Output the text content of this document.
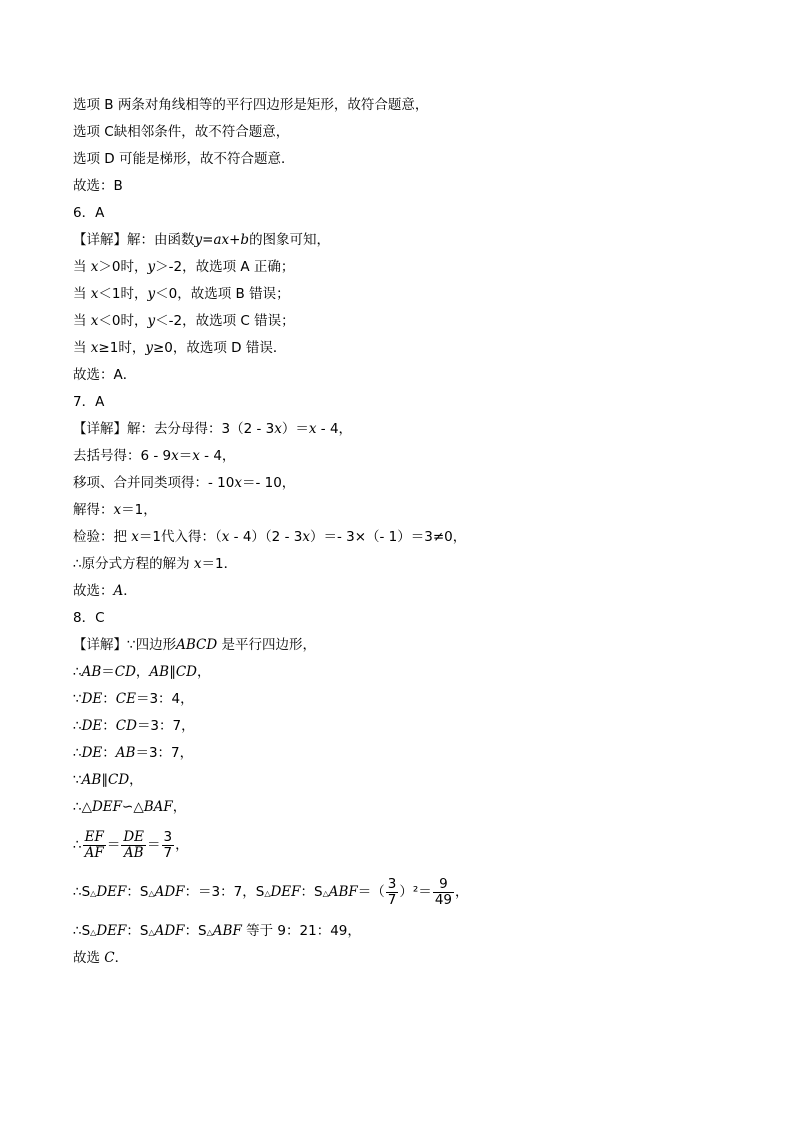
选项 B 两条对角线相等的平行四边形是矩形，故符合题意，
选项 C缺相邻条件，故不符合题意，
选项 D 可能是梯形，故不符合题意．
故选：B
6．A
【详解】解：由函数y=ax+b的图象可知，
当 x＞0时，y＞-2，故选项 A 正确；
当 x＜1时，y＜0，故选项 B 错误；
当 x＜0时，y＜-2，故选项 C 错误；
当 x≥1时，y≥0，故选项 D 错误．
故选：A．
7．A
【详解】解：去分母得：3（2 - 3x）＝x - 4，
去括号得：6 - 9x＝x - 4，
移项、合并同类项得：- 10x＝- 10，
解得：x＝1，
检验：把 x＝1代入得：（x - 4）（2 - 3x）＝- 3×（- 1）＝3≠0，
∴原分式方程的解为 x＝1．
故选：A．
8．C
【详解】∵四边形ABCD 是平行四边形，
∴AB＝CD，AB∥CD，
∵DE：CE＝3：4，
∴DE：CD＝3：7，
∴DE：AB＝3：7，
∵AB∥CD，
∴△DEF∽△BAF，
∴ $\frac{EF}{AF} = \frac{DE}{AB} = \frac{3}{7}$ ，
∴S△DEF：S△ADF：＝3：7，S△DEF：S△ABF＝（ $\frac{3}{7} )^2= \frac{9}{49}$ ，
∴S△DEF：S△ADF：S△ABF 等于 9：21：49，
故选 C．
